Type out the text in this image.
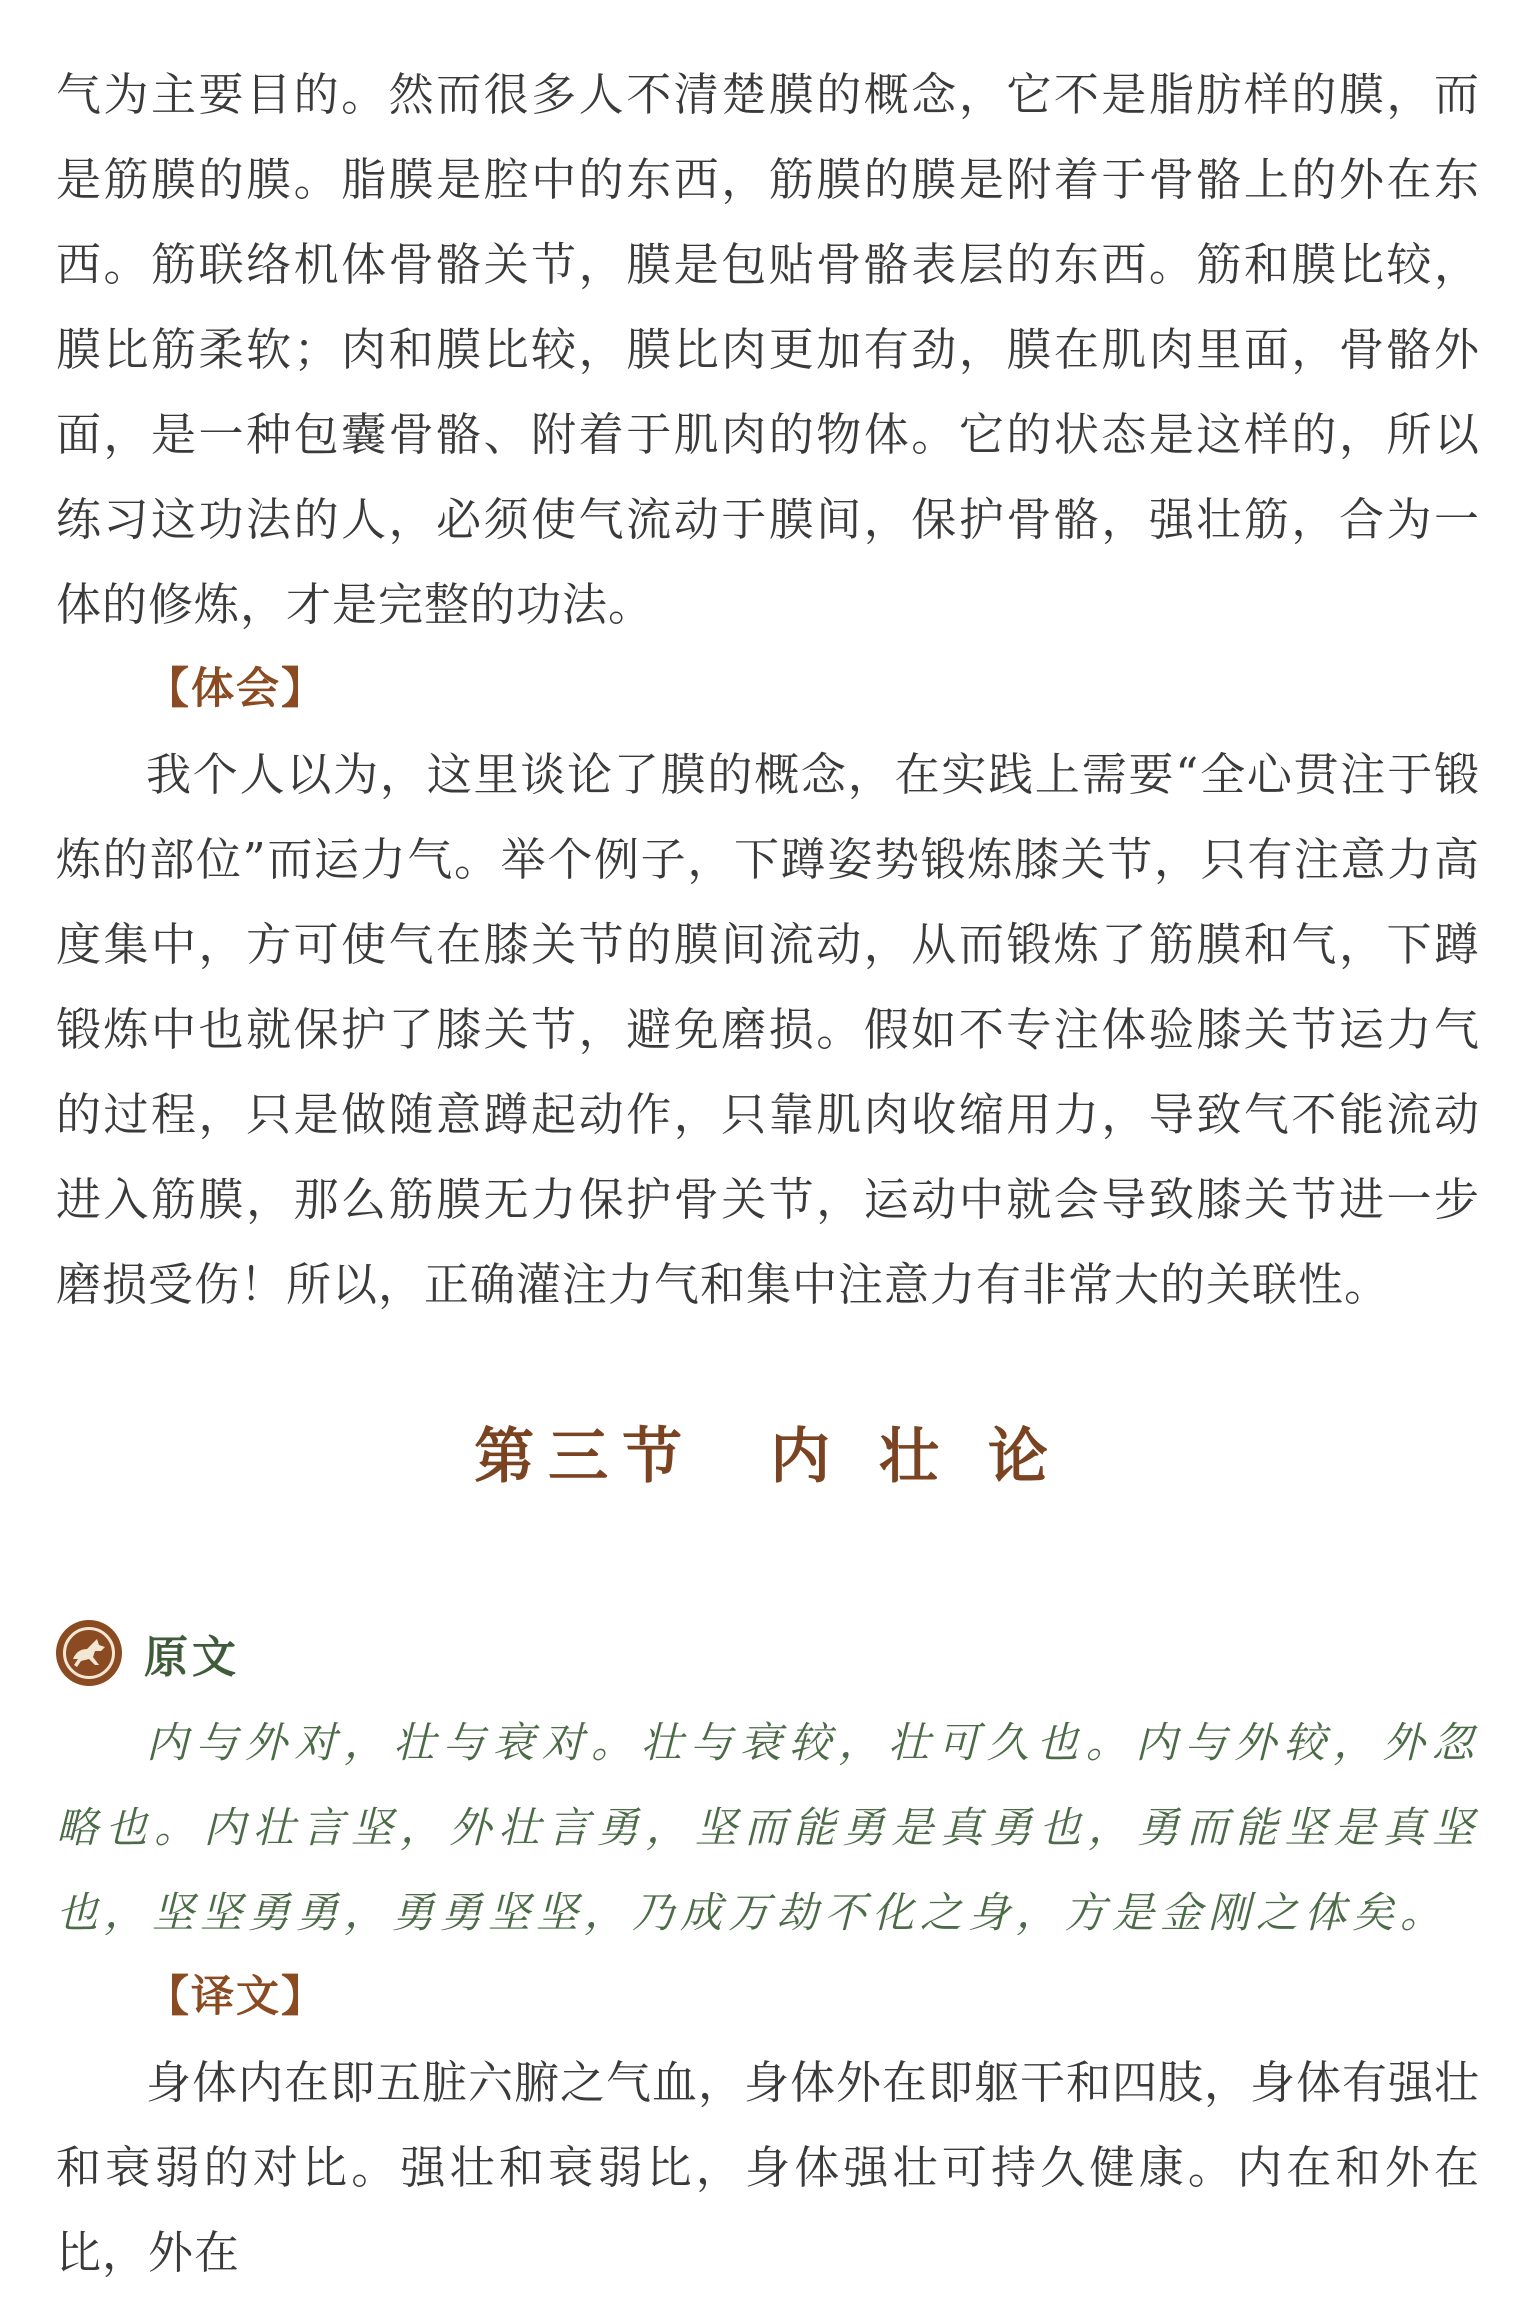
气为主要目的。然而很多人不清楚膜的概念，它不是脂肪样的膜，而是筋膜的膜。脂膜是腔中的东西，筋膜的膜是附着于骨骼上的外在东西。筋联络机体骨骼关节，膜是包贴骨骼表层的东西。筋和膜比较，膜比筋柔软；肉和膜比较，膜比肉更加有劲，膜在肌肉里面，骨骼外面，是一种包囊骨骼、附着于肌肉的物体。它的状态是这样的，所以练习这功法的人，必须使气流动于膜间，保护骨骼，强壮筋，合为一体的修炼，才是完整的功法。

【体会】

我个人以为，这里谈论了膜的概念，在实践上需要“全心贯注于锻炼的部位”而运力气。举个例子，下蹲姿势锻炼膝关节，只有注意力高度集中，方可使气在膝关节的膜间流动，从而锻炼了筋膜和气，下蹲锻炼中也就保护了膝关节，避免磨损。假如不专注体验膝关节运力气的过程，只是做随意蹲起动作，只靠肌肉收缩用力，导致气不能流动进入筋膜，那么筋膜无力保护骨关节，运动中就会导致膝关节进一步磨损受伤！所以，正确灌注力气和集中注意力有非常大的关联性。

第三节　内 壮 论
原文

内与外对，壮与衰对。壮与衰较，壮可久也。内与外较，外忽略也。内壮言坚，外壮言勇，坚而能勇是真勇也，勇而能坚是真坚也，坚坚勇勇，勇勇坚坚，乃成万劫不化之身，方是金刚之体矣。

【译文】

身体内在即五脏六腑之气血，身体外在即躯干和四肢，身体有强壮和衰弱的对比。强壮和衰弱比，身体强壮可持久健康。内在和外在比，外在
